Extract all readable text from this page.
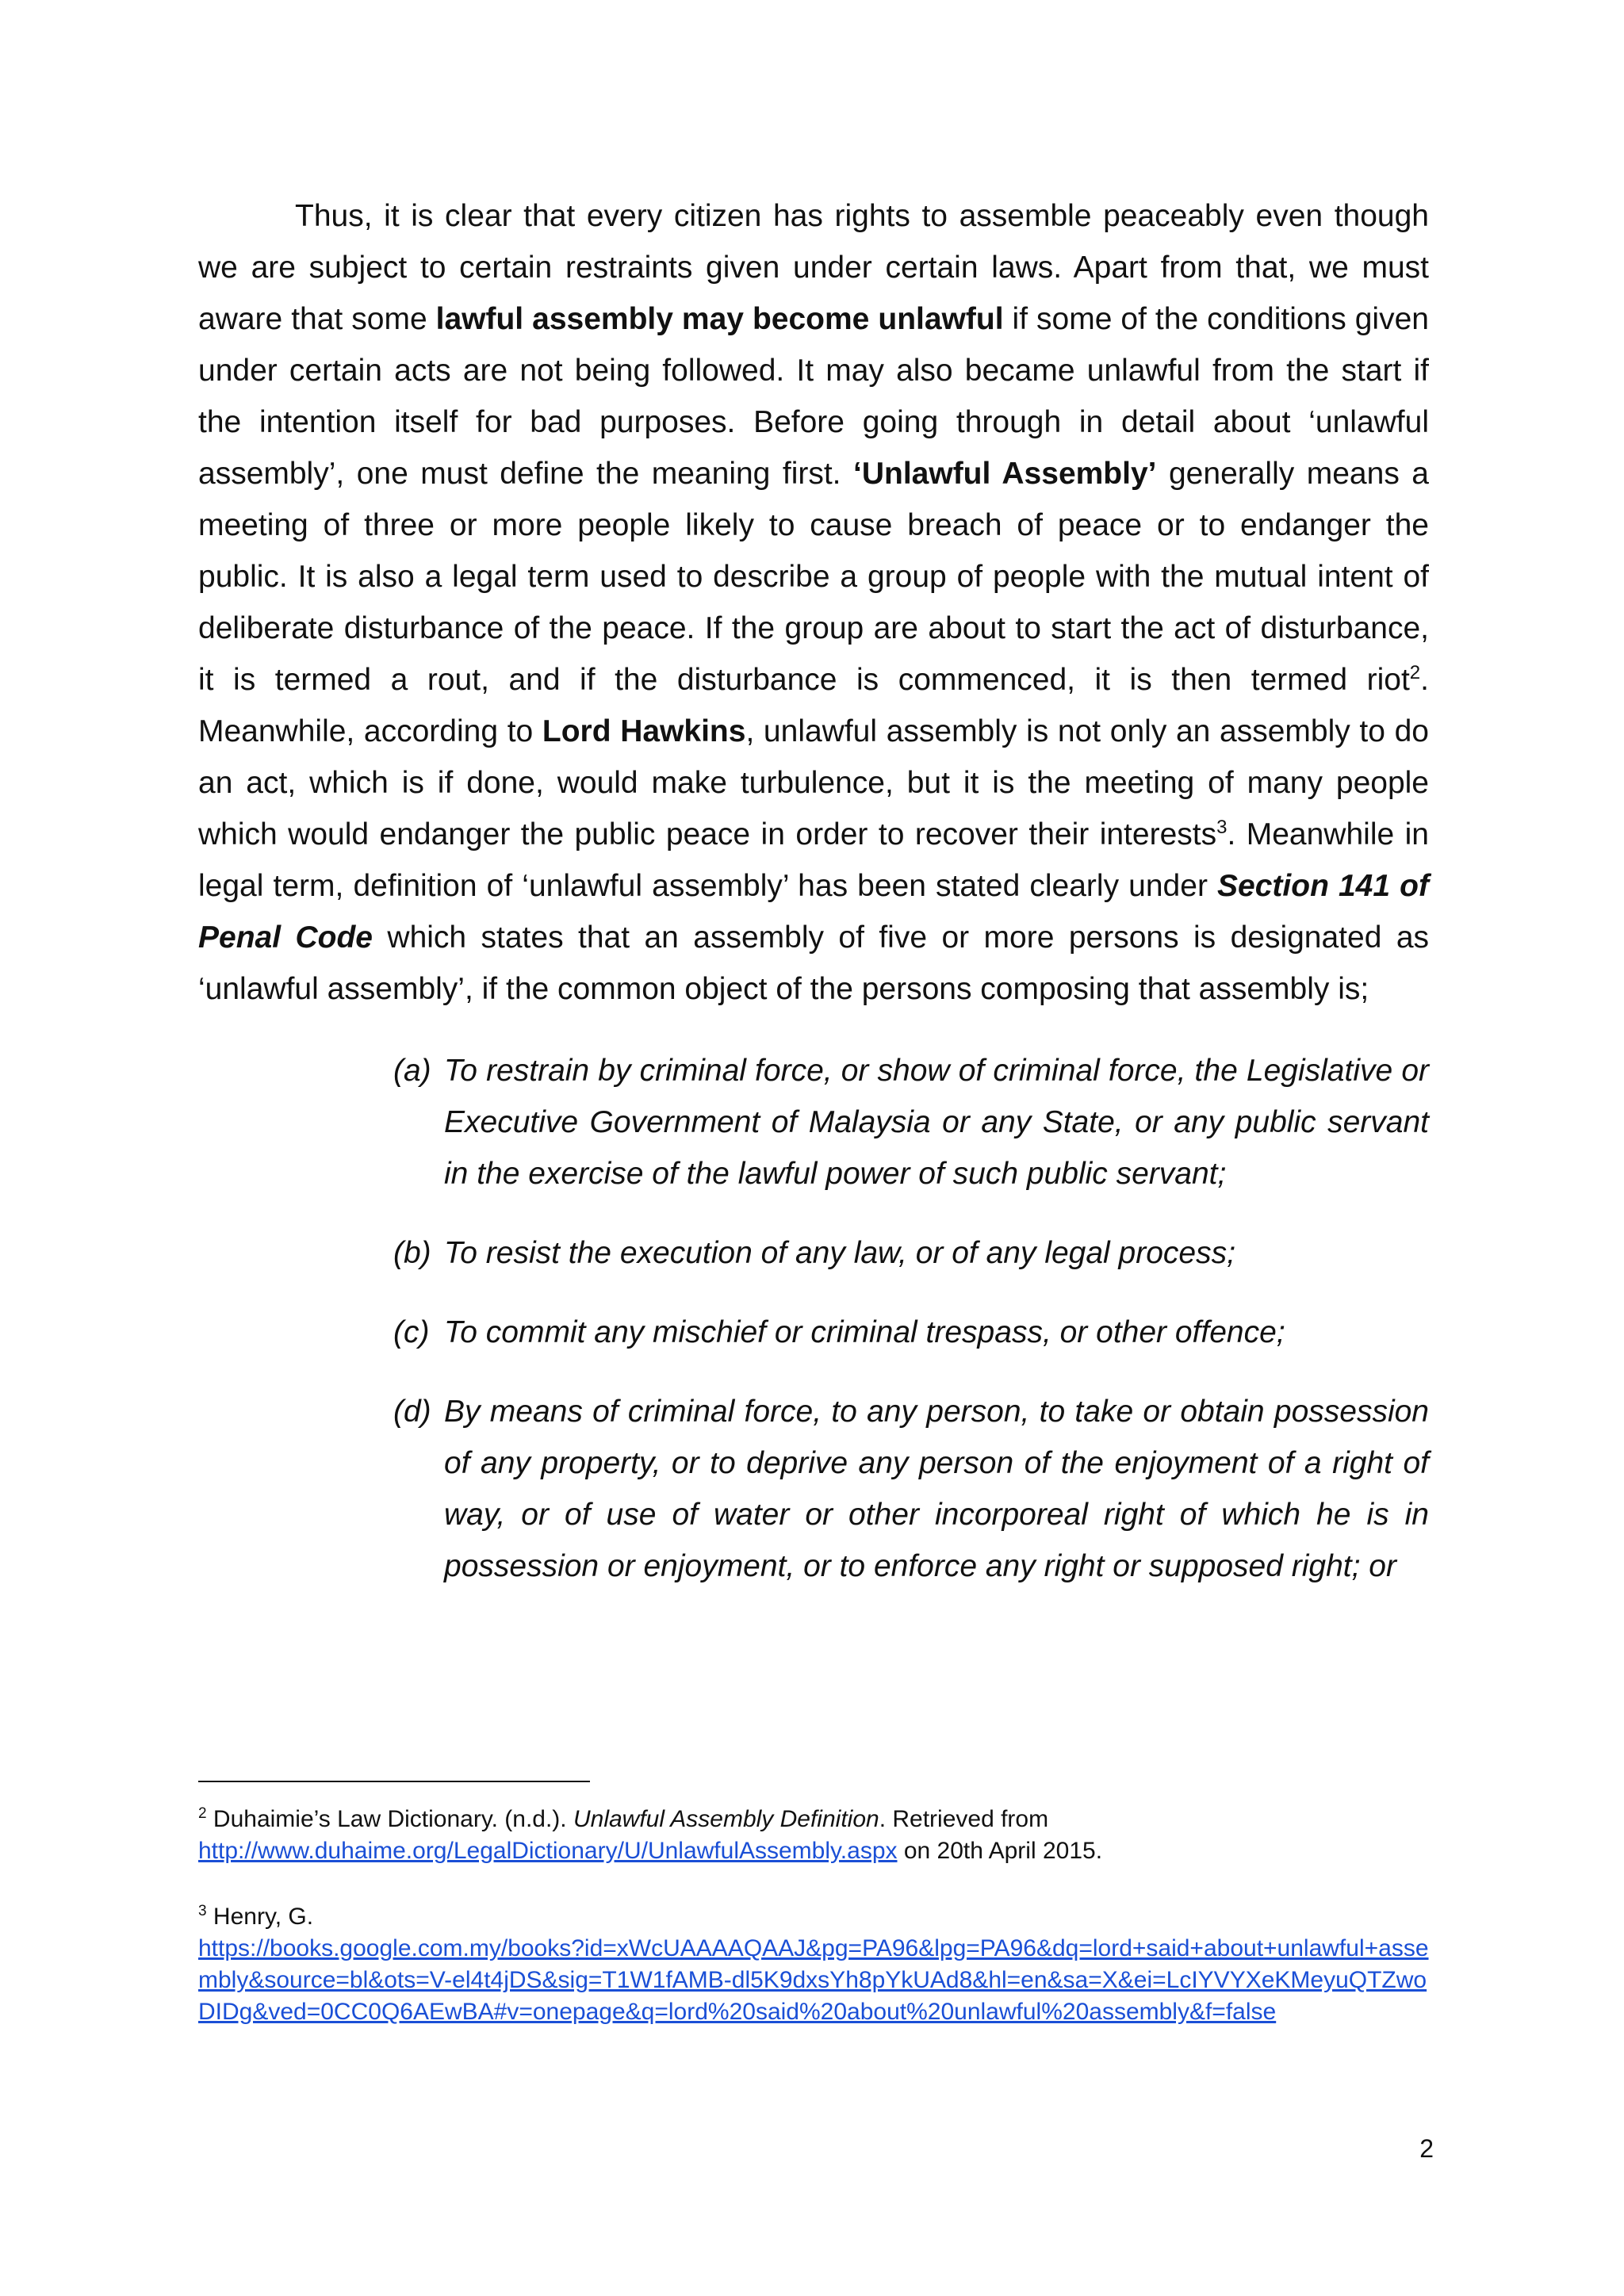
Thus, it is clear that every citizen has rights to assemble peaceably even though we are subject to certain restraints given under certain laws. Apart from that, we must aware that some lawful assembly may become unlawful if some of the conditions given under certain acts are not being followed. It may also became unlawful from the start if the intention itself for bad purposes. Before going through in detail about ‘unlawful assembly’, one must define the meaning first. ‘Unlawful Assembly’ generally means a meeting of three or more people likely to cause breach of peace or to endanger the public. It is also a legal term used to describe a group of people with the mutual intent of deliberate disturbance of the peace. If the group are about to start the act of disturbance, it is termed a rout, and if the disturbance is commenced, it is then termed riot$^2$. Meanwhile, according to Lord Hawkins, unlawful assembly is not only an assembly to do an act, which is if done, would make turbulence, but it is the meeting of many people which would endanger the public peace in order to recover their interests$^3$. Meanwhile in legal term, definition of ‘unlawful assembly’ has been stated clearly under Section 141 of Penal Code which states that an assembly of five or more persons is designated as ‘unlawful assembly’, if the common object of the persons composing that assembly is;

(a) To restrain by criminal force, or show of criminal force, the Legislative or Executive Government of Malaysia or any State, or any public servant in the exercise of the lawful power of such public servant;

(b) To resist the execution of any law, or of any legal process;

(c) To commit any mischief or criminal trespass, or other offence;

(d) By means of criminal force, to any person, to take or obtain possession of any property, or to deprive any person of the enjoyment of a right of way, or of use of water or other incorporeal right of which he is in possession or enjoyment, or to enforce any right or supposed right; or

$^2$ Duhaimie’s Law Dictionary. (n.d.). Unlawful Assembly Definition. Retrieved from
http://www.duhaime.org/LegalDictionary/U/UnlawfulAssembly.aspx on 20th April 2015.

$^3$ Henry, G.
https://books.google.com.my/books?id=xWcUAAAAQAAJ&pg=PA96&lpg=PA96&dq=lord+said+about+unlawful+assembly&source=bl&ots=V-el4t4jDS&sig=T1W1fAMB-dl5K9dxsYh8pYkUAd8&hl=en&sa=X&ei=LcIYVYXeKMeyuQTZwoDIDg&ved=0CC0Q6AEwBA#v=onepage&q=lord%20said%20about%20unlawful%20assembly&f=false

2
